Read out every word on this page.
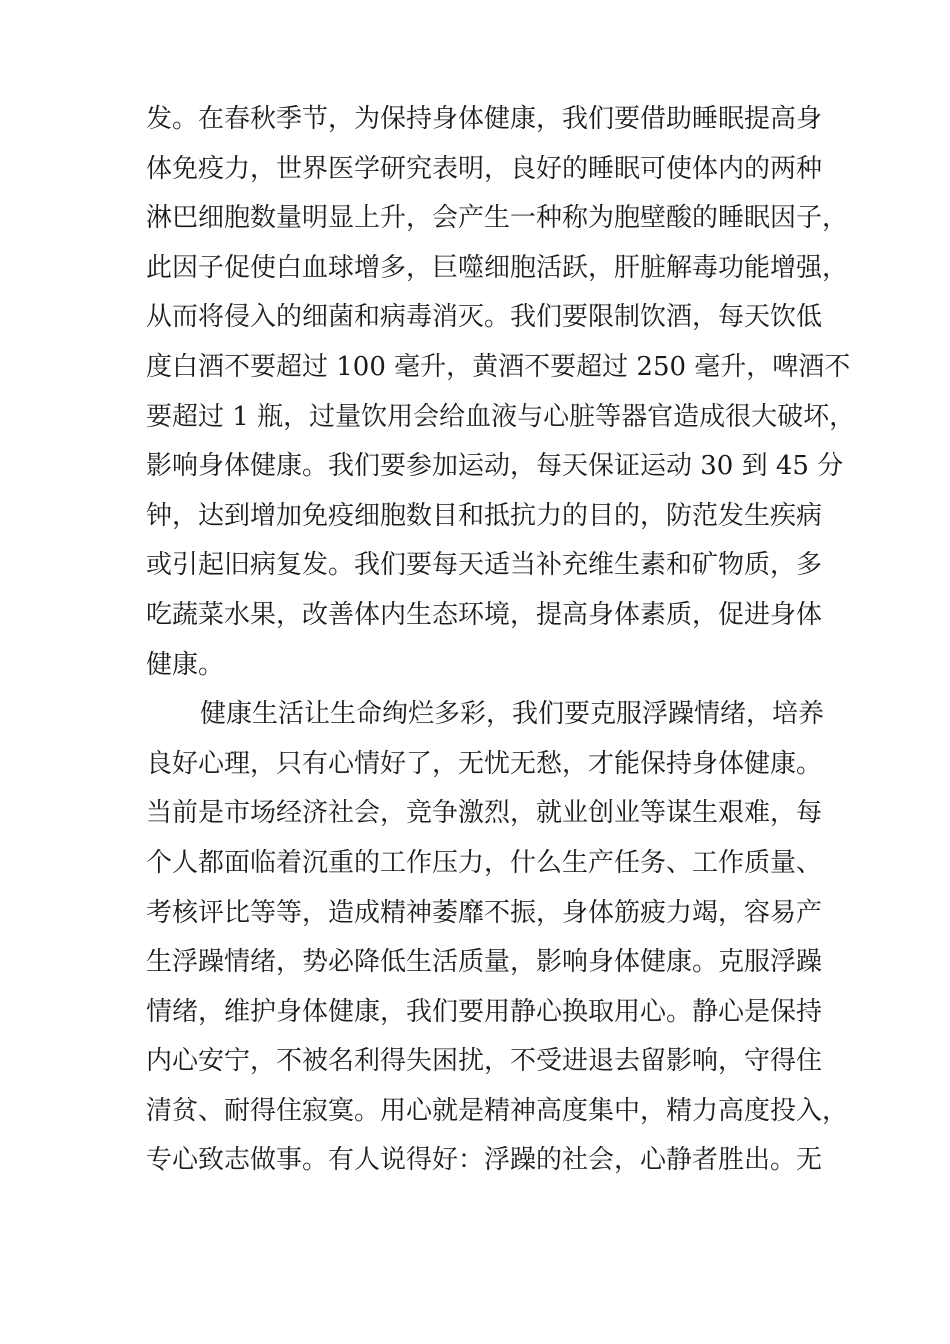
发。在春秋季节，为保持身体健康，我们要借助睡眠提高身
体免疫力，世界医学研究表明，良好的睡眠可使体内的两种
淋巴细胞数量明显上升，会产生一种称为胞壁酸的睡眠因子，
此因子促使白血球增多，巨噬细胞活跃，肝脏解毒功能增强，
从而将侵入的细菌和病毒消灭。我们要限制饮酒，每天饮低
度白酒不要超过 100 毫升，黄酒不要超过 250 毫升，啤酒不
要超过 1 瓶，过量饮用会给血液与心脏等器官造成很大破坏，
影响身体健康。我们要参加运动，每天保证运动 30 到 45 分
钟，达到增加免疫细胞数目和抵抗力的目的，防范发生疾病
或引起旧病复发。我们要每天适当补充维生素和矿物质，多
吃蔬菜水果，改善体内生态环境，提高身体素质，促进身体
健康。
健康生活让生命绚烂多彩，我们要克服浮躁情绪，培养
良好心理，只有心情好了，无忧无愁，才能保持身体健康。
当前是市场经济社会，竞争激烈，就业创业等谋生艰难，每
个人都面临着沉重的工作压力，什么生产任务、工作质量、
考核评比等等，造成精神萎靡不振，身体筋疲力竭，容易产
生浮躁情绪，势必降低生活质量，影响身体健康。克服浮躁
情绪，维护身体健康，我们要用静心换取用心。静心是保持
内心安宁，不被名利得失困扰，不受进退去留影响，守得住
清贫、耐得住寂寞。用心就是精神高度集中，精力高度投入，
专心致志做事。有人说得好：浮躁的社会，心静者胜出。无
